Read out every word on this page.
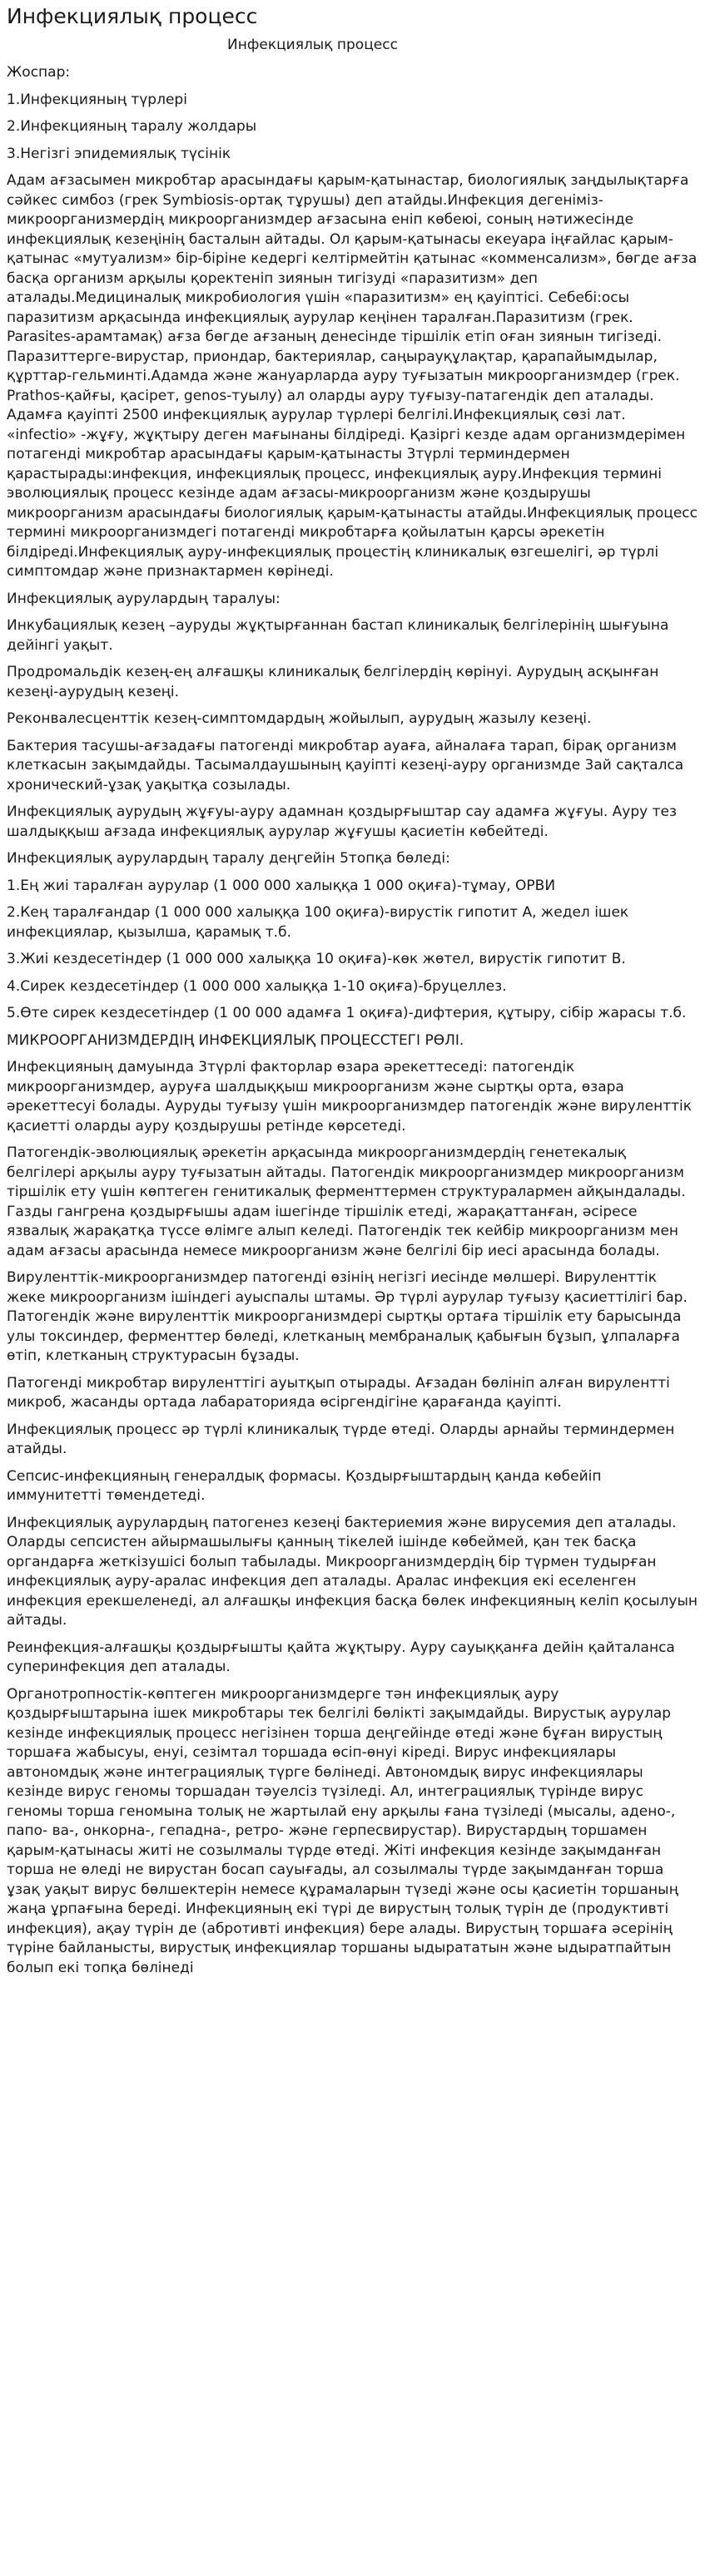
Инфекциялық процесс
Инфекциялық процесс

Жоспар:

1.Инфекцияның түрлері

2.Инфекцияның таралу жолдары

3.Негізгі эпидемиялық түсінік

Адам ағзасымен микробтар арасындағы қарым-қатынастар, биологиялық заңдылықтарға сәйкес симбоз (грек Symbiosis-ортақ тұрушы) деп атайды.Инфекция дегеніміз-микроорганизмердің микроорганизмдер ағзасына еніп көбеюі, соның нәтижесінде инфекциялық кезеңінің басталын айтады. Ол қарым-қатынасы екеуара іңғайлас қарым-қатынас «мутуализм» бір-біріне кедергі келтірмейтін қатынас «комменсализм», бөгде ағза басқа организм арқылы қоректеніп зиянын тигізуді «паразитизм» деп аталады.Медициналық микробиология үшін «паразитизм» ең қауіптісі. Себебі:осы паразитизм арқасында инфекциялық аурулар кеңінен таралған.Паразитизм (грек. Parasites-арамтамақ) ағза бөгде ағзаның денесінде тіршілік етіп оған зиянын тигізеді. Паразиттерге-вирустар, приондар, бактериялар, саңырауқұлақтар, қарапайымдылар, құрттар-гельминті.Адамда және жануарларда ауру туғызатын микроорганизмдер (грек. Prathos-қайғы, қасірет, genos-туылу) ал оларды ауру туғызу-патагендік деп аталады. Адамға қауіпті 2500 инфекциялық аурулар түрлері белгілі.Инфекциялық сөзі лат. «infectio» -жұғу, жұқтыру деген мағынаны білдіреді. Қазіргі кезде адам организмдерімен потагенді микробтар арасындағы қарым-қатынасты 3түрлі терминдермен қарастырады:инфекция, инфекциялық процесс, инфекциялық ауру.Инфекция термині эволюциялық процесс кезінде адам ағзасы-микроорганизм және қоздырушы микроорганизм арасындағы биологиялық қарым-қатынасты атайды.Инфекциялық процесс термині микроорганизмдегі потагенді микробтарға қойылатын қарсы әрекетін білдіреді.Инфекциялық ауру-инфекциялық процестің клиникалық өзгешелігі, әр түрлі симптомдар және признактармен көрінеді.

Инфекциялық аурулардың таралуы:

Инкубациялық кезең –ауруды жұқтырғаннан бастап клиникалық белгілерінің шығуына дейінгі уақыт.

Продромальдік кезең-ең алғашқы клиникалық белгілердің көрінуі. Аурудың асқынған кезеңі-аурудың кезеңі.

Реконвалесценттік кезең-симптомдардың жойылып, аурудың жазылу кезеңі.

Бактерия тасушы-ағзадағы патогенді микробтар ауаға, айналаға тарап, бірақ организм клеткасын зақымдайды. Тасымалдаушының қауіпті кезеңі-ауру организмде 3ай сақталса хронический-ұзақ уақытқа созылады.

Инфекциялық аурудың жұғуы-ауру адамнан қоздырғыштар сау адамға жұғуы. Ауру тез шалдыққыш ағзада инфекциялық аурулар жұғушы қасиетін көбейтеді.

Инфекциялық аурулардың таралу деңгейін 5топқа бөледі:

1.Ең жиі таралған аурулар (1 000 000 халыққа 1 000 оқиға)-тұмау, ОРВИ

2.Кең таралғандар (1 000 000 халыққа 100 оқиға)-вирустік гипотит А, жедел ішек инфекциялар, қызылша, қарамық т.б.

3.Жиі кездесетіндер (1 000 000 халыққа 10 оқиға)-көк жөтел, вирустік гипотит В.

4.Сирек кездесетіндер (1 000 000 халыққа 1-10 оқиға)-бруцеллез.

5.Өте сирек кездесетіндер (1 00 000 адамға 1 оқиға)-дифтерия, құтыру, сібір жарасы т.б.

МИКРООРГАНИЗМДЕРДІҢ ИНФЕКЦИЯЛЫҚ ПРОЦЕССТЕГІ РӨЛІ.

Инфекцияның дамуында 3түрлі факторлар өзара әрекеттеседі: патогендік микроорганизмдер, ауруға шалдыққыш микроорганизм және сыртқы орта, өзара әрекеттесуі болады. Ауруды туғызу үшін микроорганизмдер патогендік және вируленттік қасиетті оларды ауру қоздырушы ретінде көрсетеді.

Патогендік-эволюциялық әрекетін арқасында микроорганизмдердің генетекалық белгілері арқылы ауру туғызатын айтады. Патогендік микроорганизмдер микроорганизм тіршілік ету үшін көптеген генитикалық ферменттермен структуралармен айқындалады. Газды гангрена қоздырғышы адам ішегінде тіршілік етеді, жарақаттанған, әсіресе язвалық жарақатқа түссе өлімге алып келеді. Патогендік тек кейбір микроорганизм мен адам ағзасы арасында немесе микроорганизм және белгілі бір иесі арасында болады.

Вируленттік-микроорганизмдер патогенді өзінің негізгі иесінде мөлшері. Вируленттік жеке микроорганизм ішіндегі ауыспалы штамы. Әр түрлі аурулар туғызу қасиеттілігі бар. Патогендік және вируленттік микроорганизмдері сыртқы ортаға тіршілік ету барысында улы токсиндер, ферменттер бөледі, клетканың мембраналық қабығын бұзып, ұлпаларға өтіп, клетканың структурасын бұзады.

Патогенді микробтар вируленттігі ауытқып отырады. Ағзадан бөлініп алған вирулентті микроб, жасанды ортада лабараторияда өсіргендігіне қарағанда қауіпті.

Инфекциялық процесс әр түрлі клиникалық түрде өтеді. Оларды арнайы терминдермен атайды.

Сепсис-инфекцияның генералдық формасы. Қоздырғыштардың қанда көбейіп иммунитетті төмендетеді.

Инфекциялық аурулардың патогенез кезеңі бактериемия және вирусемия деп аталады. Оларды сепсистен айырмашылығы қанның тікелей ішінде көбеймей, қан тек басқа органдарға жеткізушісі болып табылады. Микроорганизмдердің бір түрмен тудырған инфекциялық ауру-аралас инфекция деп аталады. Аралас инфекция екі еселенген инфекция ерекшеленеді, ал алғашқы инфекция басқа бөлек инфекцияның келіп қосылуын айтады.

Реинфекция-алғашқы қоздырғышты қайта жұқтыру. Ауру сауыққанға дейін қайталанса суперинфекция деп аталады.

Органотропностік-көптеген микроорганизмдерге тән инфекциялық ауру қоздырғыштарына ішек микробтары тек белгілі бөлікті зақымдайды. Вирустық аурулар кезінде инфекциялық процесс негізінен торша деңгейінде өтеді және бұған вирустың торшаға жабысуы, енуі, сезімтал торшада өсіп-өнуі кіреді. Вирус инфекциялары автономдық және интеграциялық түрге бөлінеді. Автономдық вирус инфекциялары кезінде вирус геномы торшадан тәуелсіз түзіледі. Ал, интеграциялық түрінде вирус геномы торша геномына толық не жартылай ену арқылы ғана түзіледі (мысалы, адено-, папо- ва-, онкорна-, гепадна-, ретро- және герпесвирустар). Вирустардың торшамен қарым-қатынасы житі не созылмалы түрде өтеді. Жіті инфекция кезінде зақымданған торша не өледі не вирустан босап сауығады, ал созылмалы түрде зақымданған торша ұзақ уақыт вирус бөлшектерін немесе құрамаларын түзеді және осы қасиетін торшаның жаңа ұрпағына береді. Инфекцияның екі түрі де вирустың толық түрін де (продуктивті инфекция), ақау түрін де (абротивті инфекция) бере алады. Вирустың торшаға әсерінің түріне байланысты, вирустық инфекциялар торшаны ыдырататын және ыдыратпайтын болып екі топқа бөлінеді
